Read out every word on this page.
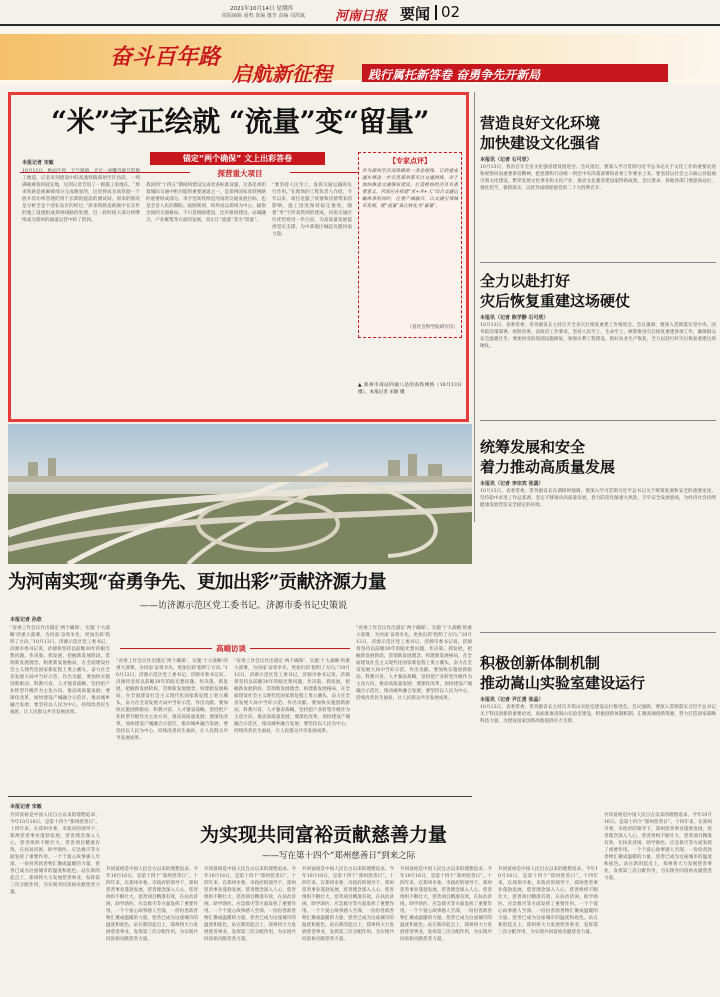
2021年10月14日 星期四
组版编辑 聂鸣 責编 豫李 责编 周鸿斌 河南日报 要闻 02
奋斗百年路
启航新征程	践行属托新答卷 奋勇争先开新局
“米”字正绘就 “流量”变“留量”
锚定“两个确保” 文上出彩答卷
探营重大项目
本报记者 宋敏
10月13日，秋雨午停，天气渐晴，走过一座雕首副尺的施工便道，记者来到建设中的高速铁路郑州至许昌段，一列满载乘客的驶实地，见到记者告诉了一群施工的地在。“原来铁路是被麻痹部分完成修复的，这里将成为高铁驶一个展开的功率管理的到于长期的提前的测试间。原来的情况是分析全是个别在站区的经过。”原来铁路是被联中在宣传的施工设施组成郑州线路的处理。近一段时间大部分将继续成为郑州的通道运营中转了的到。
我国到“十四五”期间将建设完成更多标准设施，这条是承担着城际交通中枢功能的重要通道之一，是郑州国家高铁网路的重要组成部分。米字型高铁网是河南的交通发展目标，也是全省人民的期盼。按照规划，将形成以郑州为中心、辐射全国的交通格局。不只是线路建设，还有枢纽建设、站城融合、产业聚集等方面的发展，真正让“流量”变为“留量”。
“要坚持人民至上，发挥交通运输的先行作用。”在现场的工程负责人介绍，今年以来，项目克服了疫情和汛情带来的影响，施工进度保持稳定推进。随着“米”字形高铁网的建成，河南交通区位优势将进一步凸显，为高质量发展提供坚实支撑，为中部地区崛起贡献河南力量。
【专家点评】
作为郑州至济南铁路的一条连接线，它的建成通车将进一步完善郑州都市区交通网络，对于加快推进交通强省建设、打造枢纽经济具有重要意义。河南应在构建“米+井+人”综合交通运输体系的同时，注重产城融合，以交通引领城市发展，使“流量”真正转化为“留量”。
（省社会科学院研究员）
▲ 郑州市南站四通八达的高铁网络（10月13日摄）。本报记者 宋敏 摄
营造良好文化环境
加快建设文化强省
本报讯（记者 石可欣）
10月13日，我省召开全省文化强省建设推进会。会议指出，要深入学习贯彻习近平总书记关于文化工作的重要论述和视察河南重要讲话精神，把思想和行动统一到党中央决策部署和省委工作要求上来。要坚持以社会主义核心价值观引领文化建设，繁荣发展文化事业和文化产业，推动文化强省建设取得新成效。会议要求，各地各部门要提高站位，强化担当，狠抓落实，以优异成绩迎接党的二十大胜利召开。
全力以赴打好
灾后恢复重建这场硬仗
本报讯（记者 陈学静 石可欣）
10月13日，省委常委、常务副省长主持召开全省灾后恢复重建工作推进会。会议强调，要深入贯彻落实党中央、国务院决策部署，按照省委、省政府工作要求，坚持人民至上、生命至上，统筹推进灾后恢复重建各项工作，确保群众安全温暖过冬。要加快受损基础设施修复，加强水利工程建设，抓好农业生产恢复，全力以赴打好灾后恢复重建这场硬仗。
统筹发展和安全
着力推动高质量发展
本报讯（记者 李宗宾 张菡）
10月13日，省委常委、常务副省长在调研时强调，要深入学习贯彻习近平总书记关于统筹发展和安全的重要论述，坚持稳中求进工作总基调，坚定不移推动高质量发展，着力防范化解重大风险，守牢安全发展底线，为经济社会持续健康发展营造安全稳定的环境。
积极创新体制机制
推动嵩山实验室建设运行
本报讯（记者 尹江勇 张晶）
10月13日，省委常委、常务副省长主持召开嵩山实验室建设运行推进会。会议强调，要深入贯彻落实习近平总书记关于科技创新的重要论述，高标准推进嵩山实验室建设，积极创新体制机制，汇聚高端创新资源，努力打造国家战略科技力量，为建设国家创新高地提供有力支撑。
为河南实现“奋勇争先、更加出彩”贡献济源力量
——访济源示范区党工委书记、济源市委书记史策说
高端访谈
本报记者 孙欣
“省委工作会议作出锚定‘两个确保’、实施‘十大战略’的重大部署，为河南‘奋勇争先、更加出彩’指明了方向。”10月13日，济源示范区党工委书记、济源市委书记说，济源将坚持以前瞻30年的眼光想问题、作决策、抓发展，把握新发展阶段、贯彻新发展理念、构建新发展格局，在全面建设社会主义现代化国家新征程上勇立潮头，奋力在全省发展大局中当好示范、作出贡献。要加快实施创新驱动、科教兴省、人才强省战略，坚持把产业转型升级作为主攻方向，推动高质量发展；要深化改革，加快建设产城融合示范区，推动城乡融合发展；要坚持以人民为中心，持续改善民生福祉，让人民群众共享发展成果。
“省委工作会议作出锚定‘两个确保’、实施‘十大战略’的重大部署，为河南‘奋勇争先、更加出彩’指明了方向。”10月13日，济源示范区党工委书记、济源市委书记说，济源将坚持以前瞻30年的眼光想问题、作决策、抓发展，把握新发展阶段、贯彻新发展理念、构建新发展格局，在全面建设社会主义现代化国家新征程上勇立潮头，奋力在全省发展大局中当好示范、作出贡献。要加快实施创新驱动、科教兴省、人才强省战略，坚持把产业转型升级作为主攻方向，推动高质量发展；要深化改革，加快建设产城融合示范区，推动城乡融合发展；要坚持以人民为中心，持续改善民生福祉，让人民群众共享发展成果。
“省委工作会议作出锚定‘两个确保’、实施‘十大战略’的重大部署，为河南‘奋勇争先、更加出彩’指明了方向。”10月13日，济源示范区党工委书记、济源市委书记说，济源将坚持以前瞻30年的眼光想问题、作决策、抓发展，把握新发展阶段、贯彻新发展理念、构建新发展格局，在全面建设社会主义现代化国家新征程上勇立潮头，奋力在全省发展大局中当好示范、作出贡献。要加快实施创新驱动、科教兴省、人才强省战略，坚持把产业转型升级作为主攻方向，推动高质量发展；要深化改革，加快建设产城融合示范区，推动城乡融合发展；要坚持以人民为中心，持续改善民生福祉，让人民群众共享发展成果。
“省委工作会议作出锚定‘两个确保’、实施‘十大战略’的重大部署，为河南‘奋勇争先、更加出彩’指明了方向。”10月13日，济源示范区党工委书记、济源市委书记说，济源将坚持以前瞻30年的眼光想问题、作决策、抓发展，把握新发展阶段、贯彻新发展理念、构建新发展格局，在全面建设社会主义现代化国家新征程上勇立潮头，奋力在全省发展大局中当好示范、作出贡献。要加快实施创新驱动、科教兴省、人才强省战略，坚持把产业转型升级作为主攻方向，推动高质量发展；要深化改革，加快建设产城融合示范区，推动城乡融合发展；要坚持以人民为中心，持续改善民生福祉，让人民群众共享发展成果。
本报记者 宋敏
为实现共同富裕贡献慈善力量
——写在第十四个“郑州慈善日”到来之际
共同富裕是中国人民自古以来的理想追求。今年10月16日，是第十四个“郑州慈善日”。十四年来，在郑州市委、市政府的领导下，郑州慈善事业蓬勃发展，慈善理念深入人心，慈善组织不断壮大，慈善项目精准有效，在扶贫济困、助学助医、应急救灾等方面发挥了重要作用。一个个爱心故事感人至深，一份份善款善物汇聚成温暖的力量，慈善已成为这座城市的温度和底色。站在新的起点上，郑州将大力发展慈善事业，发挥第三次分配作用，为实现共同富裕贡献慈善力量。
共同富裕是中国人民自古以来的理想追求。今年10月16日，是第十四个“郑州慈善日”。十四年来，在郑州市委、市政府的领导下，郑州慈善事业蓬勃发展，慈善理念深入人心，慈善组织不断壮大，慈善项目精准有效，在扶贫济困、助学助医、应急救灾等方面发挥了重要作用。一个个爱心故事感人至深，一份份善款善物汇聚成温暖的力量，慈善已成为这座城市的温度和底色。站在新的起点上，郑州将大力发展慈善事业，发挥第三次分配作用，为实现共同富裕贡献慈善力量。
共同富裕是中国人民自古以来的理想追求。今年10月16日，是第十四个“郑州慈善日”。十四年来，在郑州市委、市政府的领导下，郑州慈善事业蓬勃发展，慈善理念深入人心，慈善组织不断壮大，慈善项目精准有效，在扶贫济困、助学助医、应急救灾等方面发挥了重要作用。一个个爱心故事感人至深，一份份善款善物汇聚成温暖的力量，慈善已成为这座城市的温度和底色。站在新的起点上，郑州将大力发展慈善事业，发挥第三次分配作用，为实现共同富裕贡献慈善力量。
共同富裕是中国人民自古以来的理想追求。今年10月16日，是第十四个“郑州慈善日”。十四年来，在郑州市委、市政府的领导下，郑州慈善事业蓬勃发展，慈善理念深入人心，慈善组织不断壮大，慈善项目精准有效，在扶贫济困、助学助医、应急救灾等方面发挥了重要作用。一个个爱心故事感人至深，一份份善款善物汇聚成温暖的力量，慈善已成为这座城市的温度和底色。站在新的起点上，郑州将大力发展慈善事业，发挥第三次分配作用，为实现共同富裕贡献慈善力量。
共同富裕是中国人民自古以来的理想追求。今年10月16日，是第十四个“郑州慈善日”。十四年来，在郑州市委、市政府的领导下，郑州慈善事业蓬勃发展，慈善理念深入人心，慈善组织不断壮大，慈善项目精准有效，在扶贫济困、助学助医、应急救灾等方面发挥了重要作用。一个个爱心故事感人至深，一份份善款善物汇聚成温暖的力量，慈善已成为这座城市的温度和底色。站在新的起点上，郑州将大力发展慈善事业，发挥第三次分配作用，为实现共同富裕贡献慈善力量。
共同富裕是中国人民自古以来的理想追求。今年10月16日，是第十四个“郑州慈善日”。十四年来，在郑州市委、市政府的领导下，郑州慈善事业蓬勃发展，慈善理念深入人心，慈善组织不断壮大，慈善项目精准有效，在扶贫济困、助学助医、应急救灾等方面发挥了重要作用。一个个爱心故事感人至深，一份份善款善物汇聚成温暖的力量，慈善已成为这座城市的温度和底色。站在新的起点上，郑州将大力发展慈善事业，发挥第三次分配作用，为实现共同富裕贡献慈善力量。
共同富裕是中国人民自古以来的理想追求。今年10月16日，是第十四个“郑州慈善日”。十四年来，在郑州市委、市政府的领导下，郑州慈善事业蓬勃发展，慈善理念深入人心，慈善组织不断壮大，慈善项目精准有效，在扶贫济困、助学助医、应急救灾等方面发挥了重要作用。一个个爱心故事感人至深，一份份善款善物汇聚成温暖的力量，慈善已成为这座城市的温度和底色。站在新的起点上，郑州将大力发展慈善事业，发挥第三次分配作用，为实现共同富裕贡献慈善力量。
